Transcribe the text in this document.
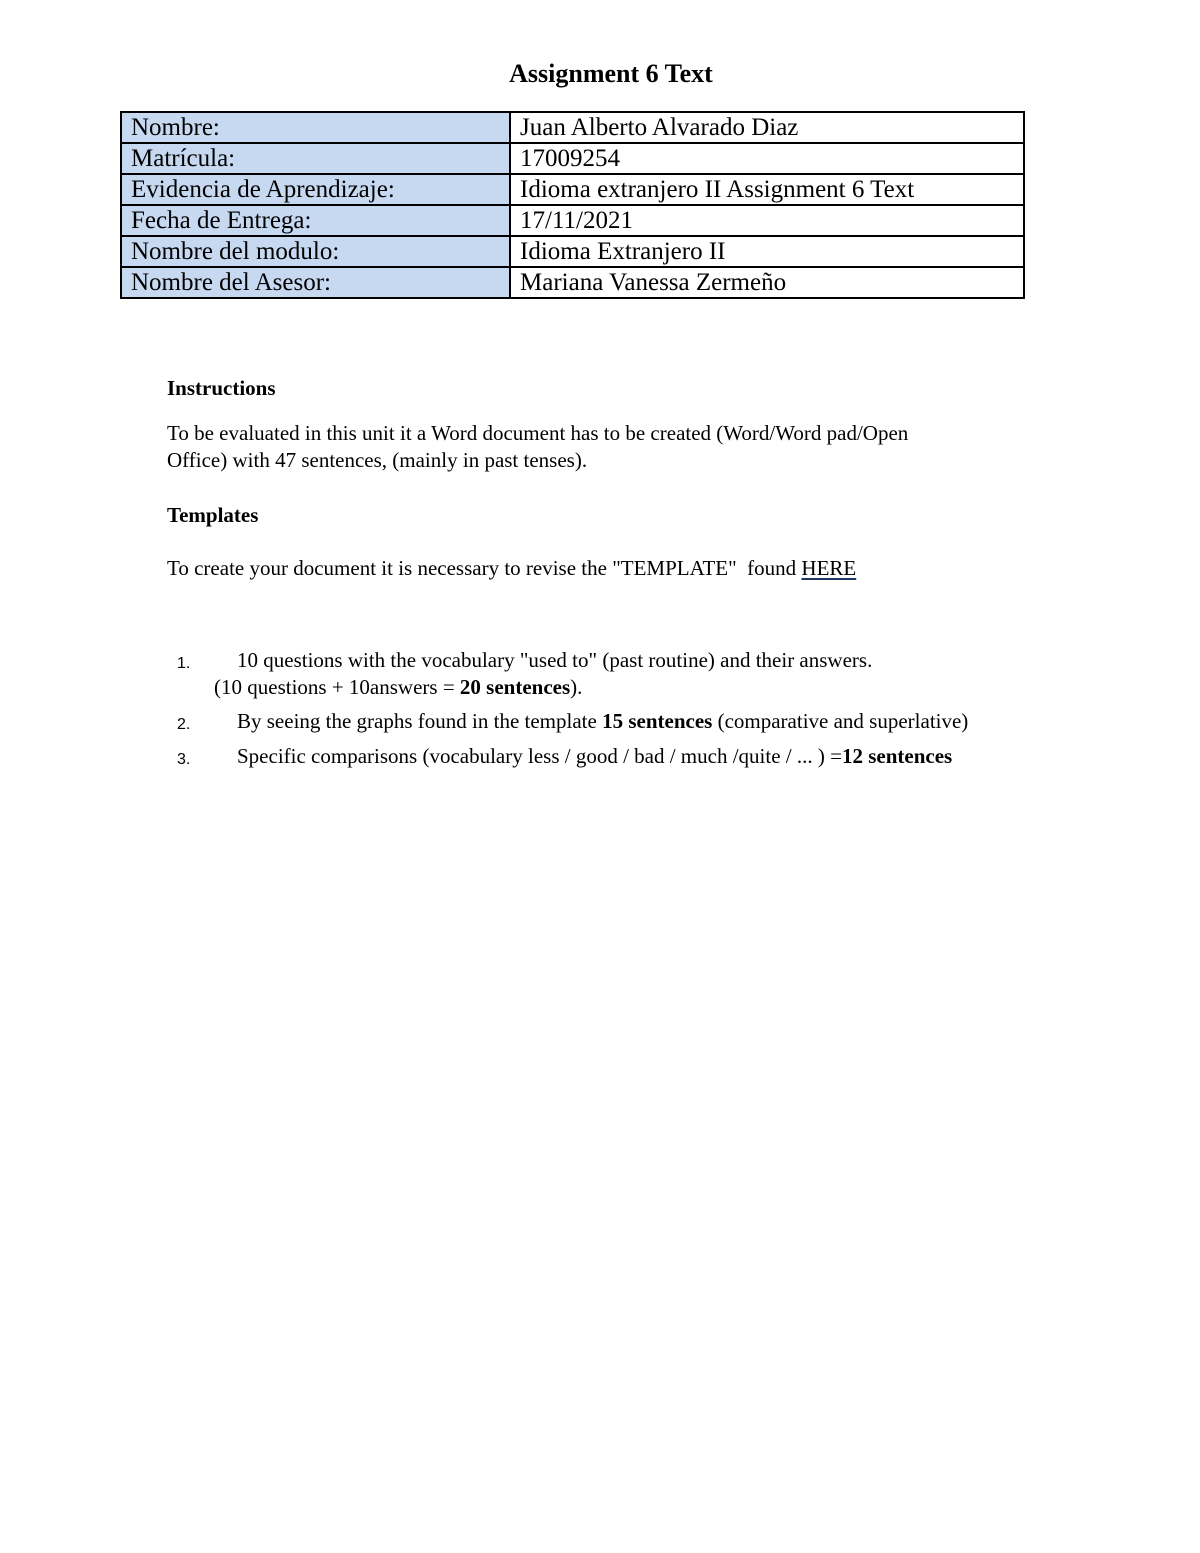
Assignment 6 Text
Nombre:	Juan Alberto Alvarado Diaz
Matrícula:	17009254
Evidencia de Aprendizaje:	Idioma extranjero II Assignment 6 Text
Fecha de Entrega:	17/11/2021
Nombre del modulo:	Idioma Extranjero II
Nombre del Asesor:	Mariana Vanessa Zermeño
Instructions
To be evaluated in this unit it a Word document has to be created (Word/Word pad/Open
Office) with 47 sentences, (mainly in past tenses).
Templates
To create your document it is necessary to revise the "TEMPLATE"  found HERE
1. 10 questions with the vocabulary "used to" (past routine) and their answers.
(10 questions + 10answers = 20 sentences).
2. By seeing the graphs found in the template 15 sentences (comparative and superlative)
3. Specific comparisons (vocabulary less / good / bad / much /quite / ... ) =12 sentences
